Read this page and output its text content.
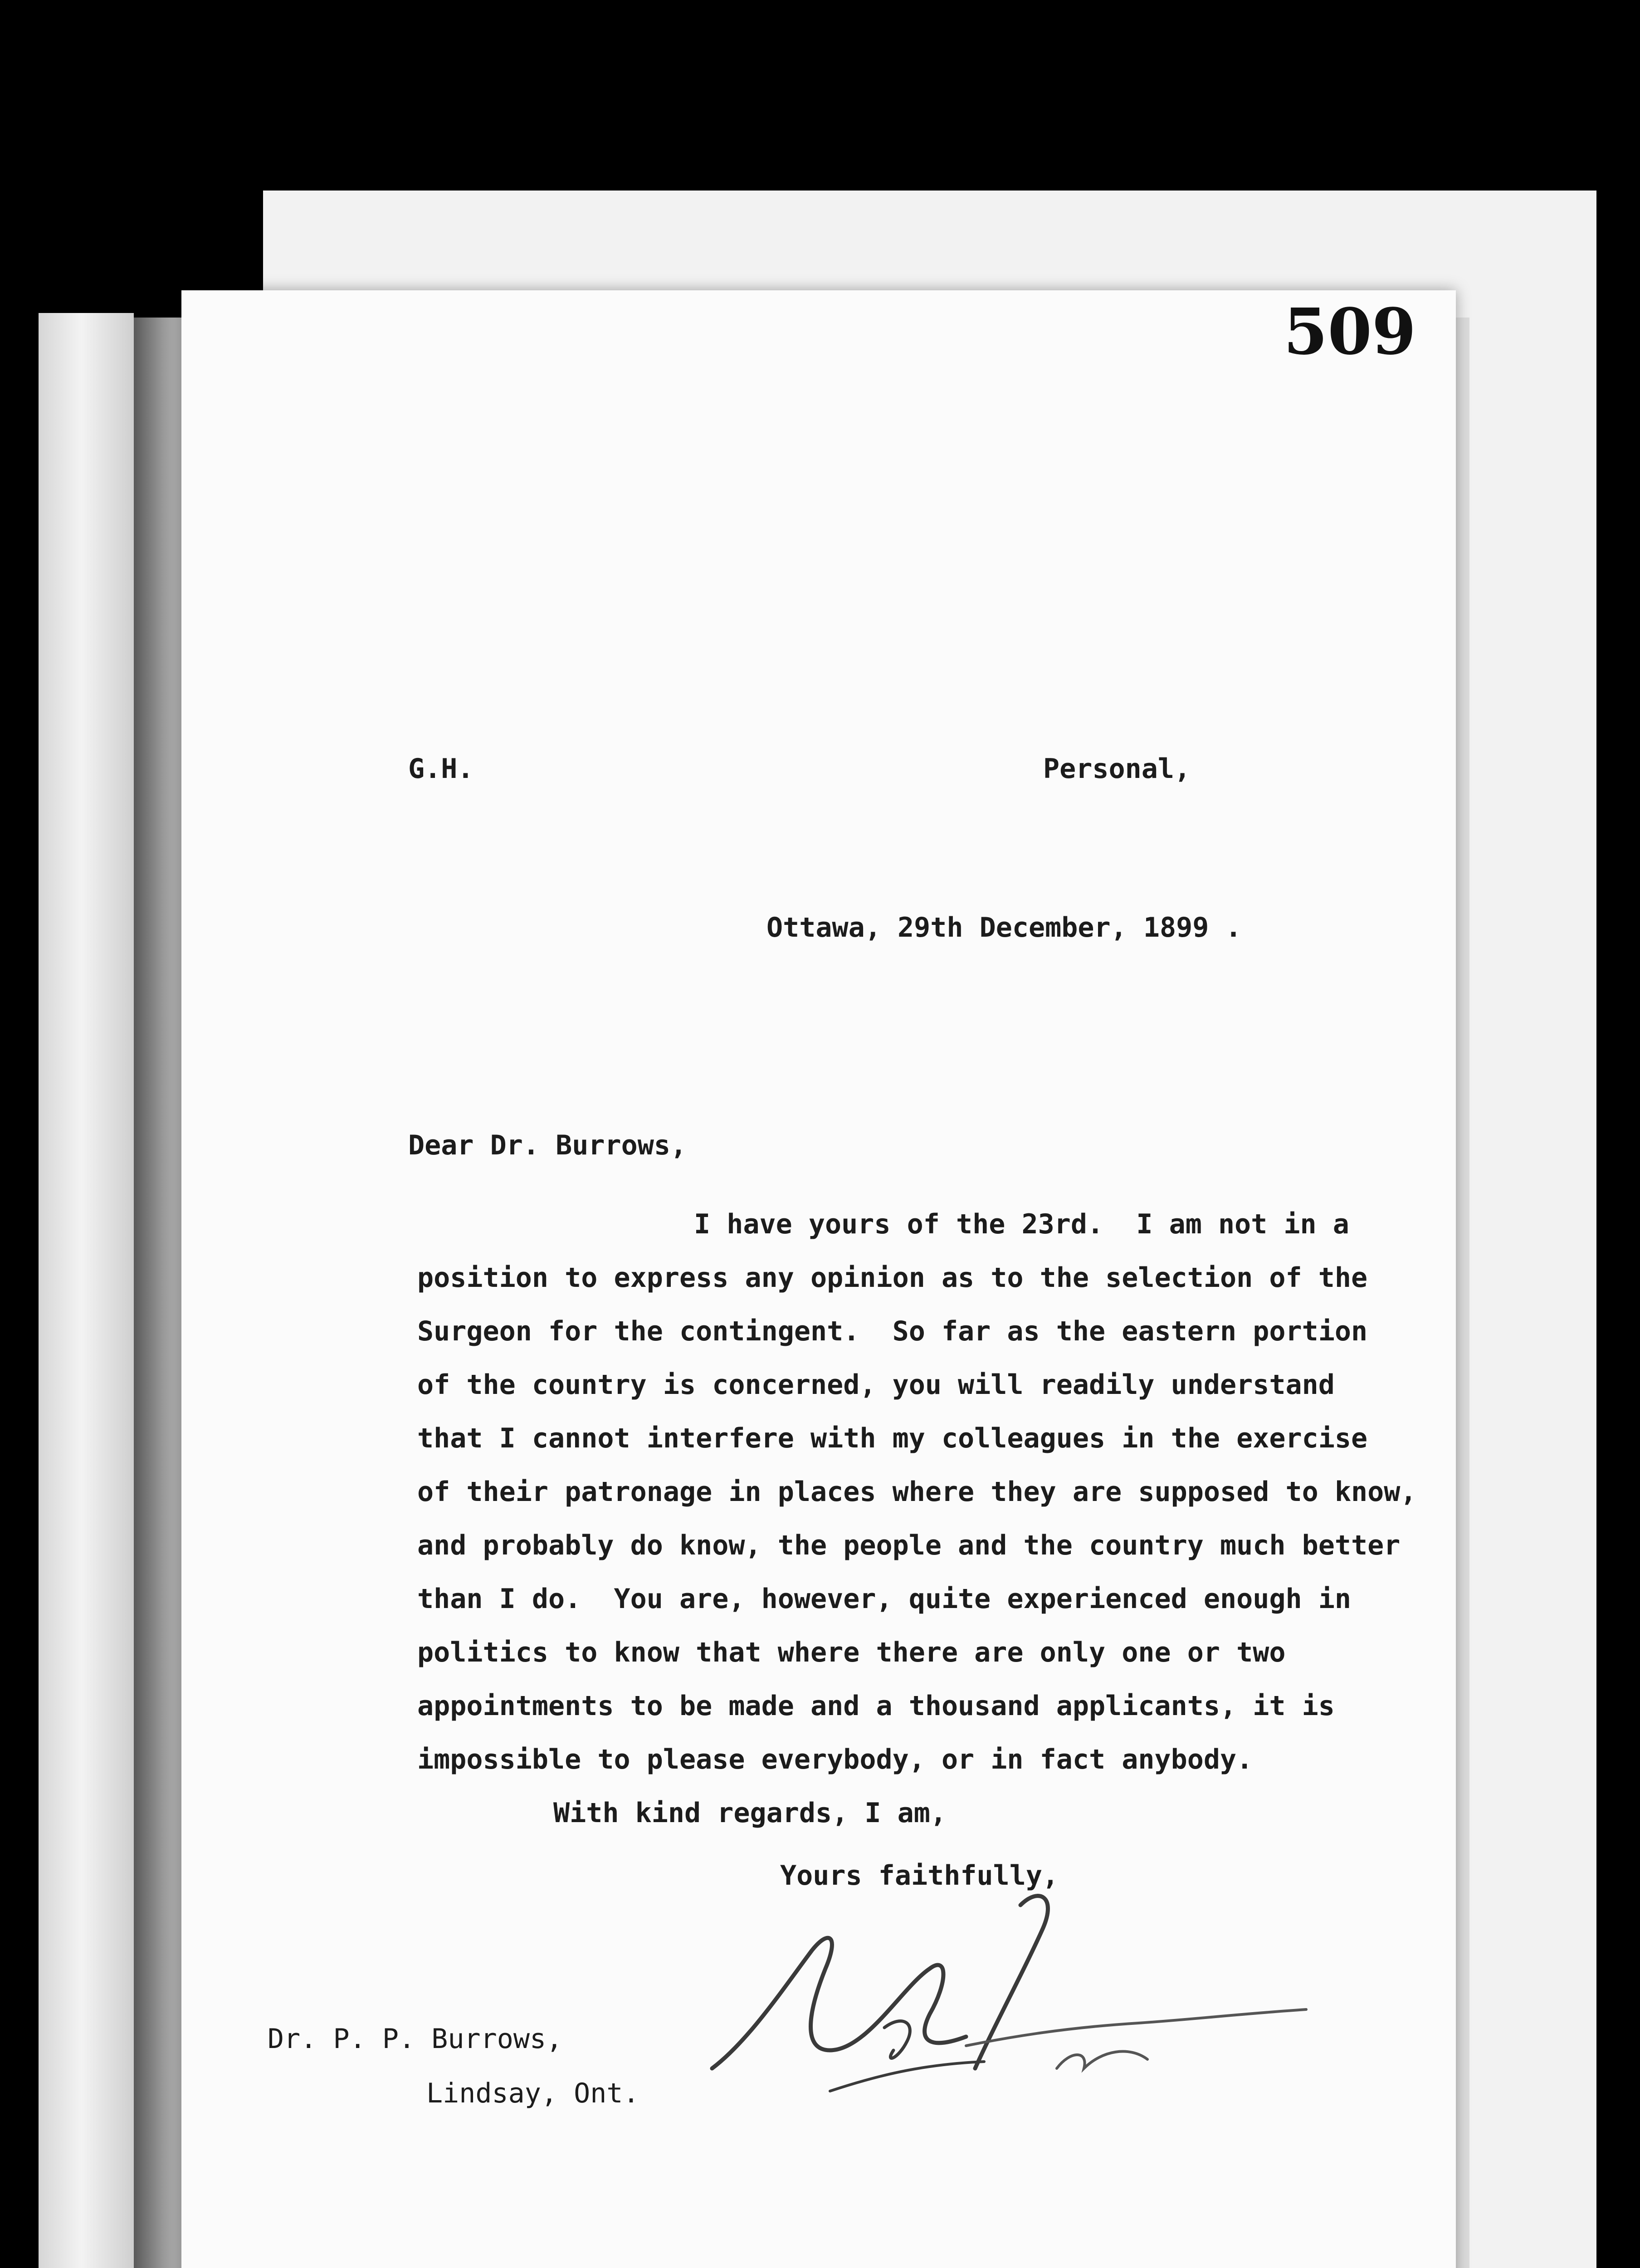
509
G.H.	Personal,
Ottawa, 29th December, 1899 .
Dear Dr. Burrows,
I have yours of the 23rd.  I am not in a
position to express any opinion as to the selection of the
Surgeon for the contingent.  So far as the eastern portion
of the country is concerned, you will readily understand
that I cannot interfere with my colleagues in the exercise
of their patronage in places where they are supposed to know,
and probably do know, the people and the country much better
than I do.  You are, however, quite experienced enough in
politics to know that where there are only one or two
appointments to be made and a thousand applicants, it is
impossible to please everybody, or in fact anybody.
With kind regards, I am,
Yours faithfully,
Dr. P. P. Burrows,
Lindsay, Ont.
